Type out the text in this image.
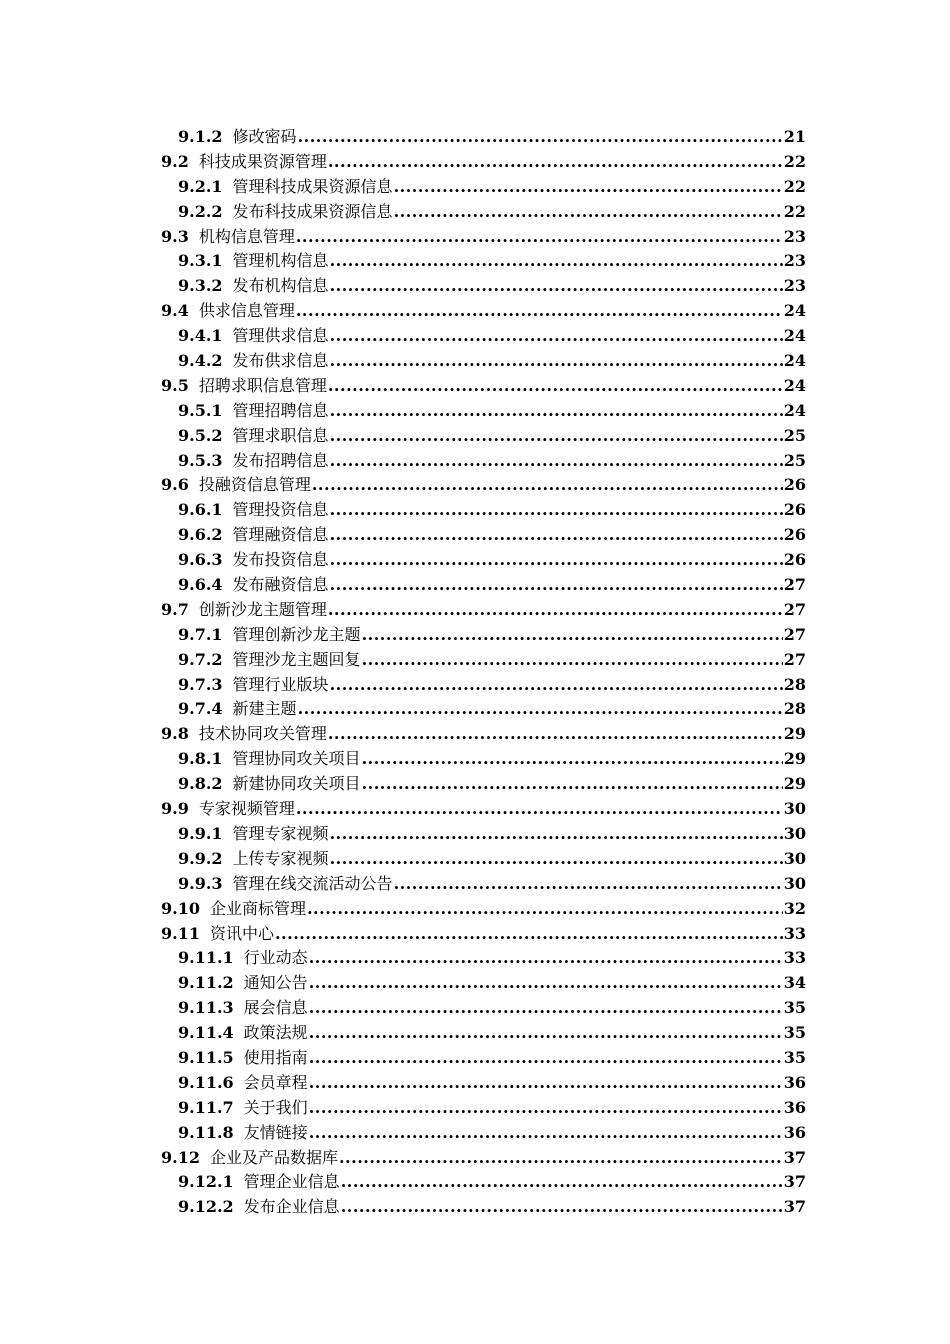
9.1.2 修改密码 .....	21
9.2 科技成果资源管理 .....	22
9.2.1 管理科技成果资源信息 .....	22
9.2.2 发布科技成果资源信息 .....	22
9.3 机构信息管理 .....	23
9.3.1 管理机构信息 .....	23
9.3.2 发布机构信息 .....	23
9.4 供求信息管理 .....	24
9.4.1 管理供求信息 .....	24
9.4.2 发布供求信息 .....	24
9.5 招聘求职信息管理 .....	24
9.5.1 管理招聘信息 .....	24
9.5.2 管理求职信息 .....	25
9.5.3 发布招聘信息 .....	25
9.6 投融资信息管理 .....	26
9.6.1 管理投资信息 .....	26
9.6.2 管理融资信息 .....	26
9.6.3 发布投资信息 .....	26
9.6.4 发布融资信息 .....	27
9.7 创新沙龙主题管理 .....	27
9.7.1 管理创新沙龙主题 .....	27
9.7.2 管理沙龙主题回复 .....	27
9.7.3 管理行业版块 .....	28
9.7.4 新建主题 .....	28
9.8 技术协同攻关管理 .....	29
9.8.1 管理协同攻关项目 .....	29
9.8.2 新建协同攻关项目 .....	29
9.9 专家视频管理 .....	30
9.9.1 管理专家视频 .....	30
9.9.2 上传专家视频 .....	30
9.9.3 管理在线交流活动公告 .....	30
9.10 企业商标管理 .....	32
9.11 资讯中心 .....	33
9.11.1 行业动态 .....	33
9.11.2 通知公告 .....	34
9.11.3 展会信息 .....	35
9.11.4 政策法规 .....	35
9.11.5 使用指南 .....	35
9.11.6 会员章程 .....	36
9.11.7 关于我们 .....	36
9.11.8 友情链接 .....	36
9.12 企业及产品数据库 .....	37
9.12.1 管理企业信息 .....	37
9.12.2 发布企业信息 .....	37
